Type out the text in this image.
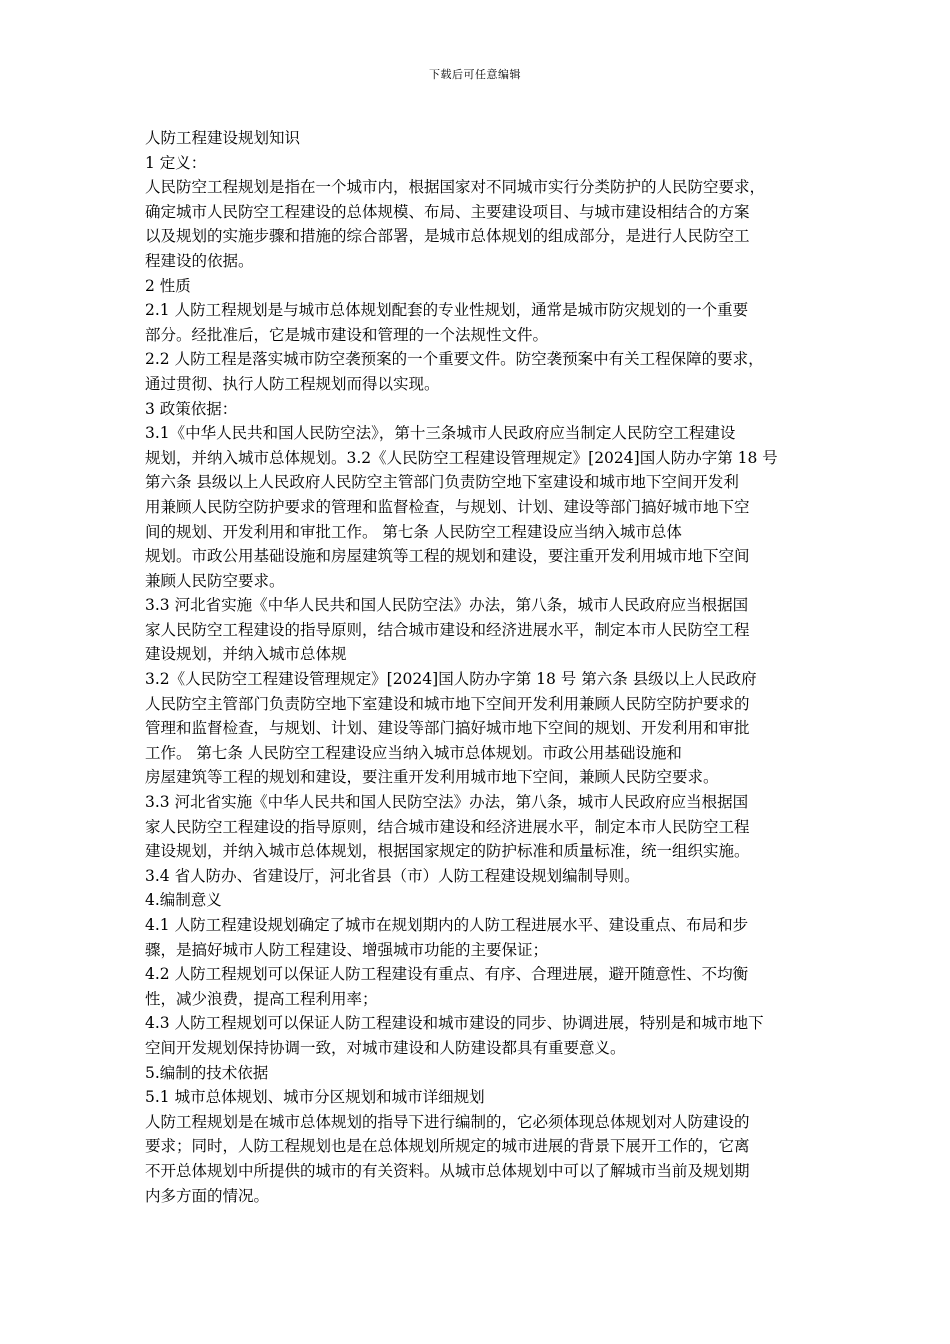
下载后可任意编辑
人防工程建设规划知识
1 定义：
人民防空工程规划是指在一个城市内，根据国家对不同城市实行分类防护的人民防空要求，
确定城市人民防空工程建设的总体规模、布局、主要建设项目、与城市建设相结合的方案
以及规划的实施步骤和措施的综合部署，是城市总体规划的组成部分，是进行人民防空工
程建设的依据。
2 性质
2.1 人防工程规划是与城市总体规划配套的专业性规划，通常是城市防灾规划的一个重要
部分。经批准后，它是城市建设和管理的一个法规性文件。
2.2 人防工程是落实城市防空袭预案的一个重要文件。防空袭预案中有关工程保障的要求，
通过贯彻、执行人防工程规划而得以实现。
3 政策依据：
3.1《中华人民共和国人民防空法》，第十三条城市人民政府应当制定人民防空工程建设
规划，并纳入城市总体规划。3.2《人民防空工程建设管理规定》[2024]国人防办字第 18 号
第六条 县级以上人民政府人民防空主管部门负责防空地下室建设和城市地下空间开发利
用兼顾人民防空防护要求的管理和监督检查，与规划、计划、建设等部门搞好城市地下空
间的规划、开发利用和审批工作。 第七条 人民防空工程建设应当纳入城市总体
规划。市政公用基础设施和房屋建筑等工程的规划和建设，要注重开发利用城市地下空间
兼顾人民防空要求。
3.3 河北省实施《中华人民共和国人民防空法》办法，第八条，城市人民政府应当根据国
家人民防空工程建设的指导原则，结合城市建设和经济进展水平，制定本市人民防空工程
建设规划，并纳入城市总体规
3.2《人民防空工程建设管理规定》[2024]国人防办字第 18 号 第六条 县级以上人民政府
人民防空主管部门负责防空地下室建设和城市地下空间开发利用兼顾人民防空防护要求的
管理和监督检查，与规划、计划、建设等部门搞好城市地下空间的规划、开发利用和审批
工作。 第七条 人民防空工程建设应当纳入城市总体规划。市政公用基础设施和
房屋建筑等工程的规划和建设，要注重开发利用城市地下空间，兼顾人民防空要求。
3.3 河北省实施《中华人民共和国人民防空法》办法，第八条，城市人民政府应当根据国
家人民防空工程建设的指导原则，结合城市建设和经济进展水平，制定本市人民防空工程
建设规划，并纳入城市总体规划，根据国家规定的防护标准和质量标准，统一组织实施。
3.4 省人防办、省建设厅，河北省县（市）人防工程建设规划编制导则。
4.编制意义
4.1 人防工程建设规划确定了城市在规划期内的人防工程进展水平、建设重点、布局和步
骤，是搞好城市人防工程建设、增强城市功能的主要保证；
4.2 人防工程规划可以保证人防工程建设有重点、有序、合理进展，避开随意性、不均衡
性，减少浪费，提高工程利用率；
4.3 人防工程规划可以保证人防工程建设和城市建设的同步、协调进展，特别是和城市地下
空间开发规划保持协调一致，对城市建设和人防建设都具有重要意义。
5.编制的技术依据
5.1 城市总体规划、城市分区规划和城市详细规划
人防工程规划是在城市总体规划的指导下进行编制的，它必须体现总体规划对人防建设的
要求；同时，人防工程规划也是在总体规划所规定的城市进展的背景下展开工作的，它离
不开总体规划中所提供的城市的有关资料。从城市总体规划中可以了解城市当前及规划期
内多方面的情况。
